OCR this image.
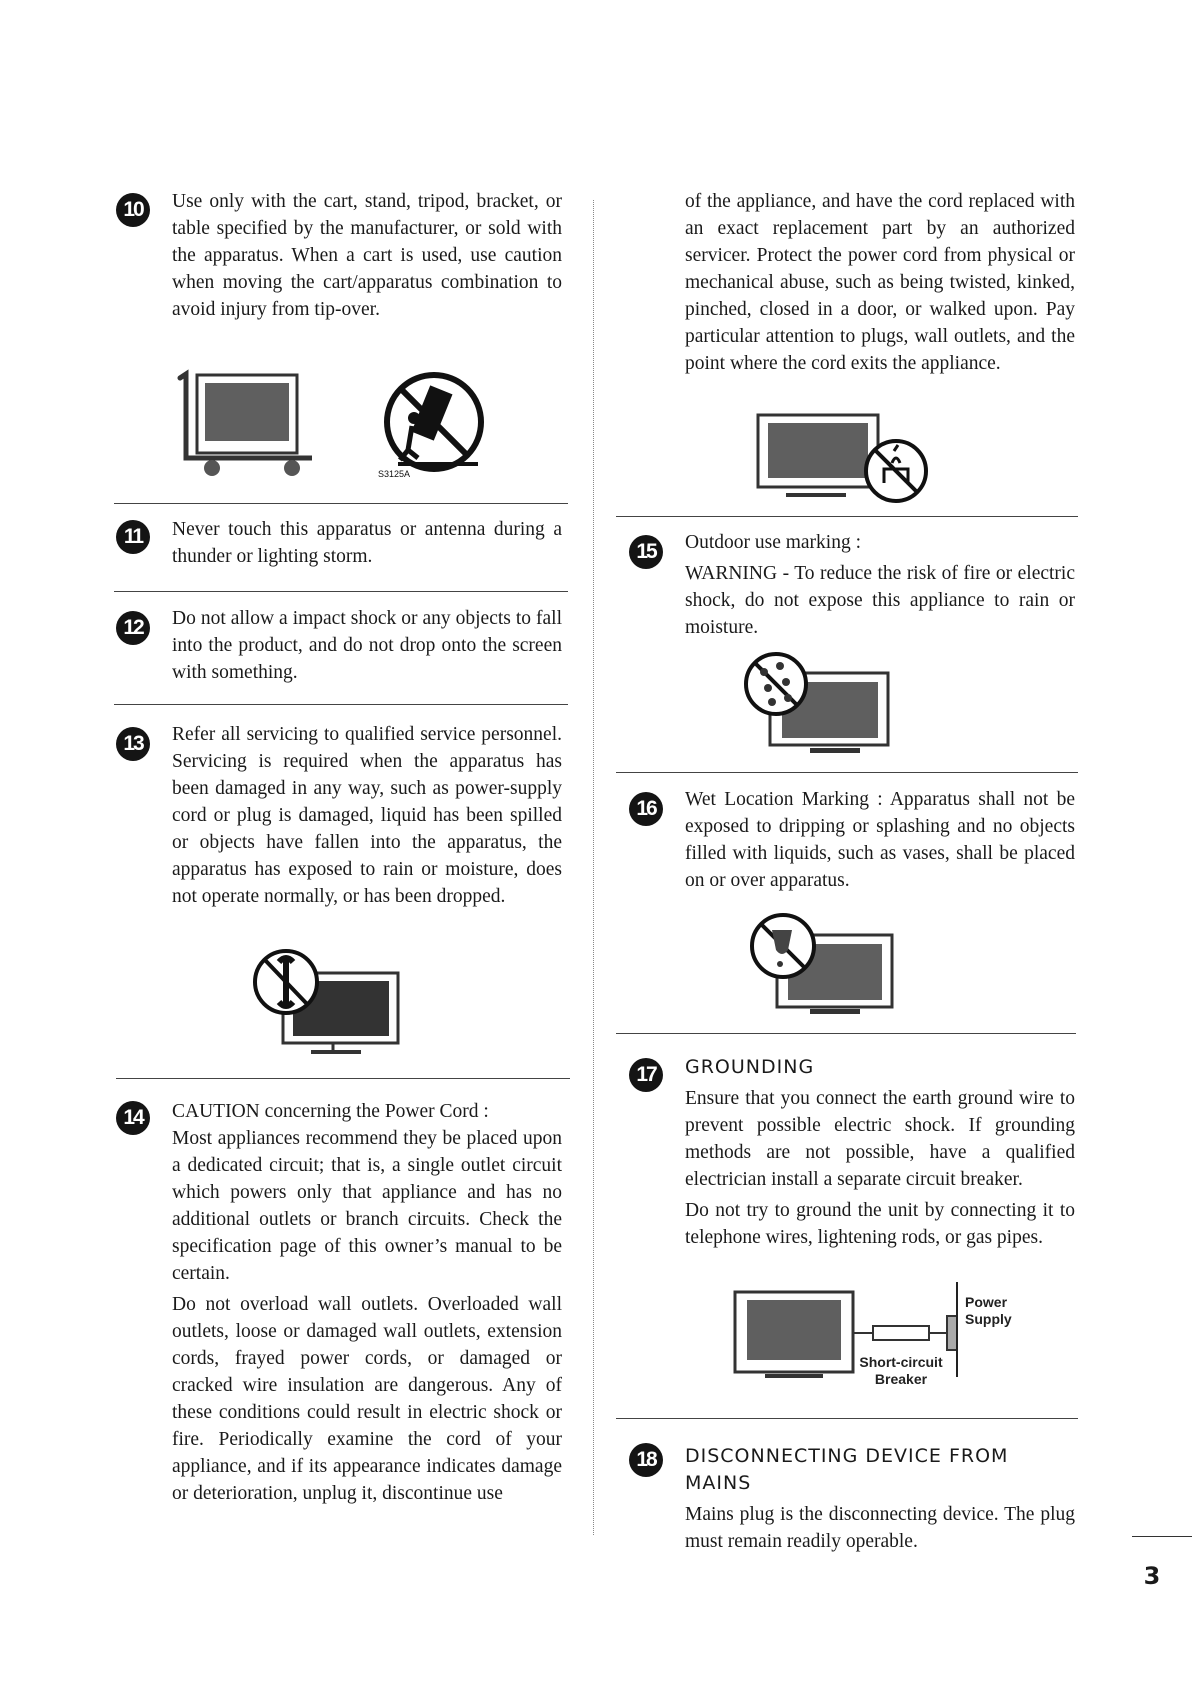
10	Use only with the cart, stand, tripod, bracket, or table specified by the manufacturer, or sold with the apparatus. When a cart is used, use caution when moving the cart/apparatus combination to avoid injury from tip-over.

S3125A
11	Never touch this apparatus or antenna during a thunder or lighting storm.

12	Do not allow a impact shock or any objects to fall into the product, and do not drop onto the screen with something.

13	Refer all servicing to qualified service personnel. Servicing is required when the apparatus has been damaged in any way, such as power-supply cord or plug is damaged, liquid has been spilled or objects have fallen into the apparatus, the apparatus has exposed to rain or moisture, does not operate normally, or has been dropped.

14	CAUTION concerning the Power Cord :

Most appliances recommend they be placed upon a dedicated circuit; that is, a single outlet circuit which powers only that appliance and has no additional outlets or branch circuits. Check the specification page of this owner’s manual to be certain.

Do not overload wall outlets. Overloaded wall outlets, loose or damaged wall outlets, extension cords, frayed power cords, or damaged or cracked wire insulation are dangerous. Any of these conditions could result in electric shock or fire. Periodically examine the cord of your appliance, and if its appearance indicates damage or deterioration, unplug it, discontinue use

of the appliance, and have the cord replaced with an exact replacement part by an authorized servicer. Protect the power cord from physical or mechanical abuse, such as being twisted, kinked, pinched, closed in a door, or walked upon. Pay particular attention to plugs, wall outlets, and the point where the cord exits the appliance.

15	Outdoor use marking :

WARNING - To reduce the risk of fire or electric shock, do not expose this appliance to rain or moisture.

16	Wet Location Marking : Apparatus shall not be exposed to dripping or splashing and no objects filled with liquids, such as vases, shall be placed on or over apparatus.

17	GROUNDING

Ensure that you connect the earth ground wire to prevent possible electric shock. If grounding methods are not possible, have a qualified electrician install a separate circuit breaker.

Do not try to ground the unit by connecting it to telephone wires, lightening rods, or gas pipes.

Power
Supply
Short-circuit
Breaker
18	DISCONNECTING DEVICE FROM MAINS

Mains plug is the disconnecting device. The plug must remain readily operable.

3
